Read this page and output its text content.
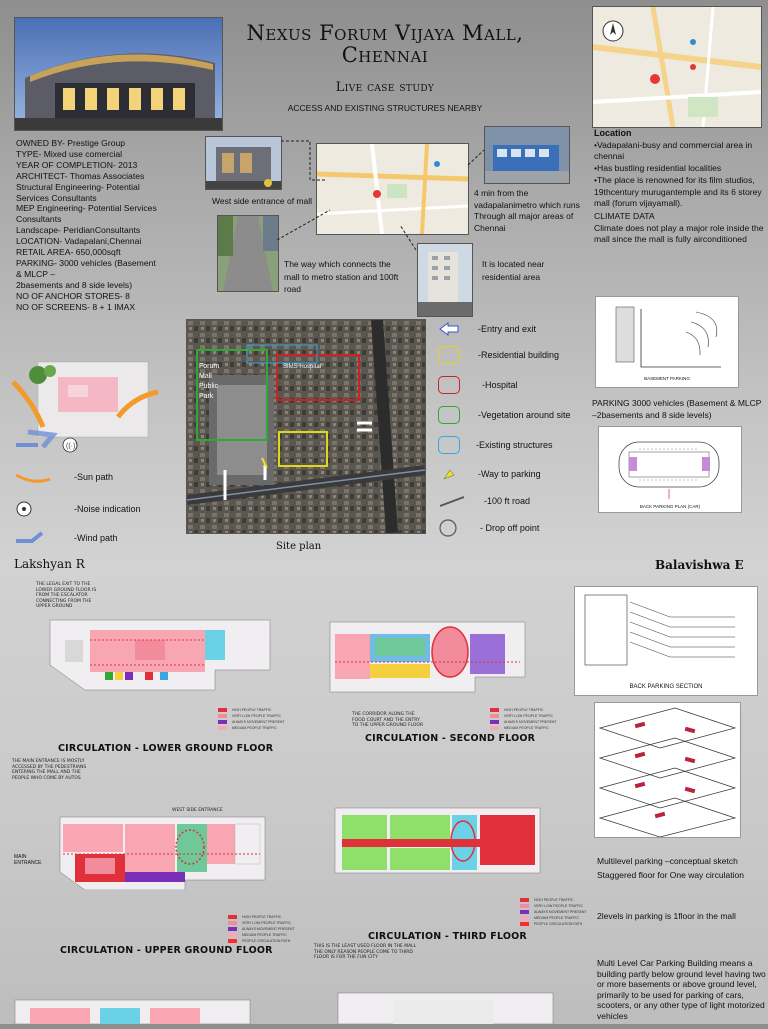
Nexus Forum Vijaya Mall,
Chennai
Live case study
ACCESS AND EXISTING STRUCTURES NEARBY
OWNED BY- Prestige Group
TYPE- Mixed use comercial
YEAR OF COMPLETION- 2013
ARCHITECT- Thomas Associates
Structural Engineering- Potential
Services Consultants
MEP Engineering- Potential Services
Consultants
Landscape- PeridianConsultants
LOCATION- Vadapalani,Chennai
RETAIL AREA- 650,000sqft
PARKING- 3000 vehicles (Basement
& MLCP –
2basements and 8 side levels)
NO OF ANCHOR STORES- 8
NO OF SCREENS- 8 + 1 IMAX
West side entrance of mall
4 min from the vadapalanimetro which runs Through all major areas of Chennai
The way which connects the mall to metro station and 100ft road
It is located near residential area
Location
•Vadapalani-busy and commercial area in chennai
•Has bustling residential localities
•The place is renowned for its film studios, 19thcentury murugantemple and its 6 storey mall (forum vijayamall).
CLIMATE DATA
Climate does not play a major role inside the mall since the mall is fully airconditioned
BASEMENT PARKING
PARKING 3000 vehicles (Basement & MLCP –2basements and 8 side levels)
BACK PARKING PLAN (CAR)
((·))
-Sun path
-Noise indication
-Wind path
Forum
Mall
Public
Park
SIMS Hospital
Site plan
-Entry and exit
-Residential building
-Hospital
-Vegetation around site
-Existing structures
-Way to parking
-100 ft road
- Drop off point
Lakshyan R	Balavishwa E
THE LEGAL EXIT TO THE LOWER GROUND FLOOR IS FROM THE ESCALATOR CONNECTING FROM THE UPPER GROUND
HIGH PEOPLE TRAFFIC
VERY LOW PEOPLE TRAFFIC
ALWAYS MOVEMENT PRESENT
MEDIUM PEOPLE TRAFFIC
CIRCULATION - LOWER GROUND FLOOR
THE MAIN ENTRANCE IS MOSTLY ACCESSED BY THE PEDESTRIANS ENTERING THE MALL AND THE PEOPLE WHO COME BY AUTOS
WEST SIDE ENTRANCE
MAIN
ENTRANCE
HIGH PEOPLE TRAFFIC
VERY LOW PEOPLE TRAFFIC
ALWAYS MOVEMENT PRESENT
MEDIUM PEOPLE TRAFFIC
PEOPLE CIRCULATION PATH
CIRCULATION - UPPER GROUND FLOOR
HIGH PEOPLE TRAFFIC
VERY LOW PEOPLE TRAFFIC
ALWAYS MOVEMENT PRESENT
MEDIUM PEOPLE TRAFFIC
THE CORRIDOR ALONG THE FOOD COURT AND THE ENTRY TO THE UPPER GROUND FLOOR
CIRCULATION - SECOND FLOOR
HIGH PEOPLE TRAFFIC
VERY LOW PEOPLE TRAFFIC
ALWAYS MOVEMENT PRESENT
MEDIUM PEOPLE TRAFFIC
PEOPLE CIRCULATION PATH
CIRCULATION - THIRD FLOOR
THIS IS THE LEAST USED FLOOR IN THE MALL THE ONLY REASON PEOPLE COME TO THIRD FLOOR IS FOR THE FUN CITY
BACK PARKING SECTION
Multilevel parking –conceptual sketch Staggered floor for One way circulation
2levels in parking is 1floor in the mall
Multi Level Car Parking Building means a building partly below ground level having two or more basements or above ground level, primarily to be used for parking of cars, scooters, or any other type of light motorized vehicles
